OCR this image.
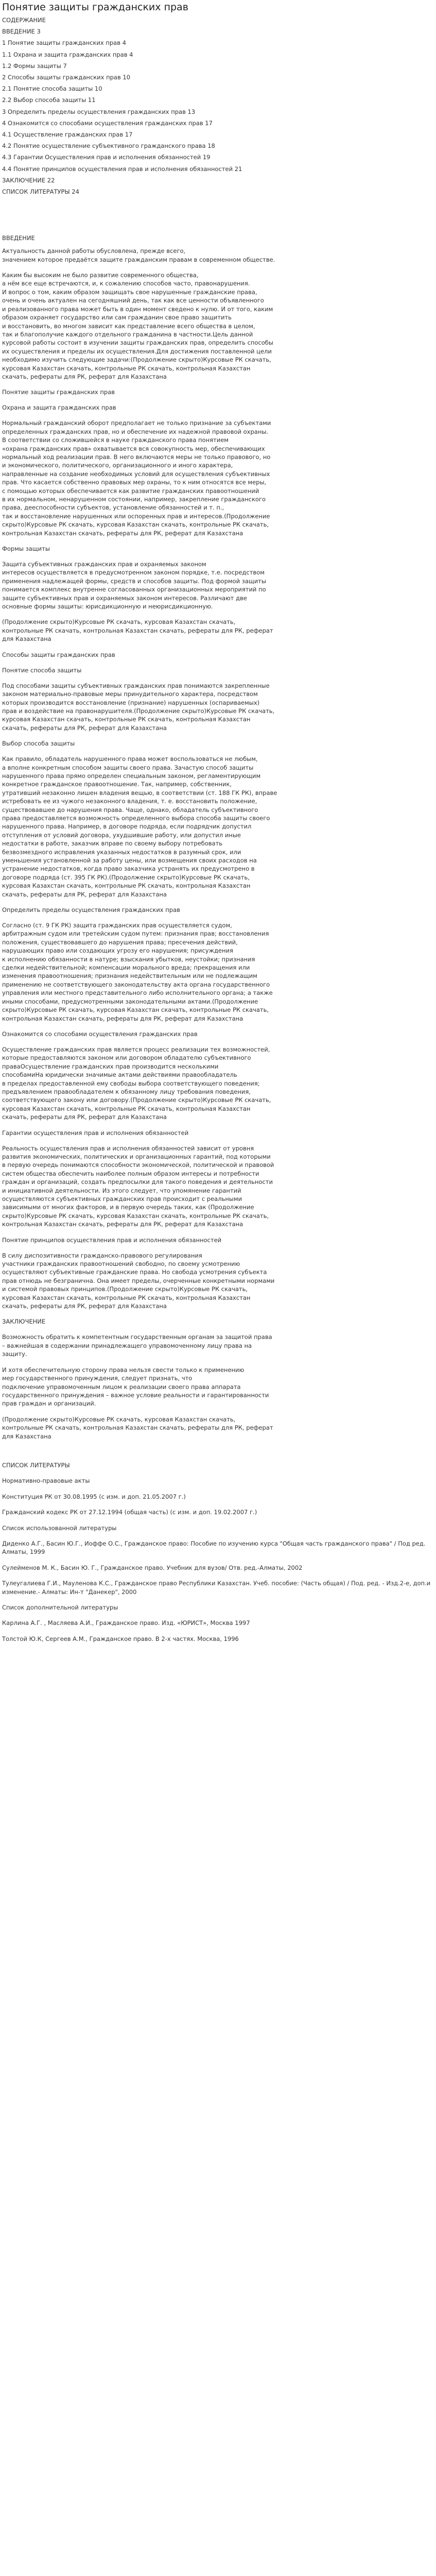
Понятие защиты гражданских прав
СОДЕРЖАНИЕ
ВВЕДЕНИЕ 3
1 Понятие защиты гражданских прав 4
1.1 Охрана и защита гражданских прав 4
1.2 Формы защиты 7
2 Способы защиты гражданских прав 10
2.1 Понятие способа защиты 10
2.2 Выбор способа защиты 11
3 Определить пределы осуществления гражданских прав 13
4 Ознакомится со способами осуществления гражданских прав 17
4.1 Осуществление гражданских прав 17
4.2 Понятие осуществление субъективного гражданского права 18
4.3 Гарантии Осуществления прав и исполнения обязанностей 19
4.4 Понятие принципов осуществления прав и исполнения обязанностей 21
ЗАКЛЮЧЕНИЕ 22
СПИСОК ЛИТЕРАТУРЫ 24
ВВЕДЕНИЕ

Актуальность данной работы обусловлена, прежде всего,
значением которое предаётся защите гражданским правам в современном обществе.

Каким бы высоким не было развитие современного общества,
а нём все еще встречаются, и, к сожалению способов часто, правонарушения.
И вопрос о том, каким образом защищать свое нарушенные гражданские права,
очень и очень актуален на сегодняшний день, так как все ценности объявленного
и реализованного права может быть в один момент сведено к нулю. И от того, каким
образом охраняет государство или сам гражданин свое право защитить
и восстановить, во многом зависит как представление всего общества в целом,
так и благополучие каждого отдельного гражданина в частности.Цель данной
курсовой работы состоит в изучении защиты гражданских прав, определить способы
их осуществления и пределы их осуществления.Для достижения поставленной цели
необходимо изучить следующие задачи:(Продолжение скрыто)Курсовые РК скачать,
курсовая Казахстан скачать, контрольные РК скачать, контрольная Казахстан
скачать, рефераты для РК, реферат для Казахстана

Понятие защиты гражданских прав

Охрана и защита гражданских прав

Нормальный гражданский оборот предполагает не только признание за субъектами
определенных гражданских прав, но и обеспечение их надежной правовой охраны.
В соответствии со сложившейся в науке гражданского права понятием
«охрана гражданских прав» охватывается вся совокупность мер, обеспечивающих
нормальный ход реализации прав. В него включаются меры не только правового, но
и экономического, политического, организационного и иного характера,
направленные на создание необходимых условий для осуществления субъективных
прав. Что касается собственно правовых мер охраны, то к ним относятся все меры,
с помощью которых обеспечивается как развитие гражданских правоотношений
в их нормальном, ненарушенном состоянии, например, закрепление гражданского
права, дееспособности субъектов, установление обязанностей и т. п.,
так и восстановление нарушенных или оспоренных прав и интересов.(Продолжение
скрыто)Курсовые РК скачать, курсовая Казахстан скачать, контрольные РК скачать,
контрольная Казахстан скачать, рефераты для РК, реферат для Казахстана

Формы защиты

Защита субъективных гражданских прав и охраняемых законом
интересов осуществляется в предусмотренном законом порядке, т.е. посредством
применения надлежащей формы, средств и способов защиты. Под формой защиты
понимается комплекс внутренне согласованных организационных мероприятий по
защите субъективных прав и охраняемых законом интересов. Различают две
основные формы защиты: юрисдикционную и неюрисдикционную.

(Продолжение скрыто)Курсовые РК скачать, курсовая Казахстан скачать,
контрольные РК скачать, контрольная Казахстан скачать, рефераты для РК, реферат
для Казахстана

Способы защиты гражданских прав

Понятие способа защиты

Под способами защиты субъективных гражданских прав понимаются закрепленные
законом материально-правовые меры принудительного характера, посредством
которых производится восстановление (признание) нарушенных (оспариваемых)
прав и воздействие на правонарушителя.(Продолжение скрыто)Курсовые РК скачать,
курсовая Казахстан скачать, контрольные РК скачать, контрольная Казахстан
скачать, рефераты для РК, реферат для Казахстана

Выбор способа защиты

Как правило, обладатель нарушенного права может воспользоваться не любым,
а вполне конкретным способом защиты своего права. Зачастую способ защиты
нарушенного права прямо определен специальным законом, регламентирующим
конкретное гражданское правоотношение. Так, например, собственник,
утративший незаконно лишен владения вещью, в соответствии (ст. 188 ГК РК), вправе
истребовать ее из чужого незаконного владения, т. е. восстановить положение,
существовавшее до нарушения права. Чаще, однако, обладатель субъективного
права предоставляется возможность определенного выбора способа защиты своего
нарушенного права. Например, в договоре подряда, если подрядчик допустил
отступления от условий договора, ухудшившие работу, или допустил иные
недостатки в работе, заказчик вправе по своему выбору потребовать
безвозмездного исправления указанных недостатков в разумный срок, или
уменьшения установленной за работу цены, или возмещения своих расходов на
устранение недостатков, когда право заказчика устранять их предусмотрено в
договоре подряда (ст. 395 ГК РК).(Продолжение скрыто)Курсовые РК скачать,
курсовая Казахстан скачать, контрольные РК скачать, контрольная Казахстан
скачать, рефераты для РК, реферат для Казахстана

Определить пределы осуществления гражданских прав

Согласно (ст. 9 ГК РК) защита гражданских прав осуществляется судом,
арбитражным судом или третейским судом путем: признания прав; восстановления
положения, существовавшего до нарушения права; пресечения действий,
нарушающих право или создающих угрозу его нарушения; присуждения
к исполнению обязанности в натуре; взыскания убытков, неустойки; признания
сделки недействительной; компенсации морального вреда; прекращения или
изменения правоотношения; признания недействительным или не подлежащим
применению не соответствующего законодательству акта органа государственного
управления или местного представительного либо исполнительного органа; а также
иными способами, предусмотренными законодательными актами.(Продолжение
скрыто)Курсовые РК скачать, курсовая Казахстан скачать, контрольные РК скачать,
контрольная Казахстан скачать, рефераты для РК, реферат для Казахстана

Ознакомится со способами осуществления гражданских прав

Осуществление гражданских прав является процесс реализации тех возможностей,
которые предоставляются законом или договором обладателю субъективного
праваОсуществление гражданских прав производится несколькими
способамиНа юридически значимые актами действиями правообладатель
в пределах предоставленной ему свободы выбора соответствующего поведения;
предъявлением правообладателем к обязанному лицу требования поведения,
соответствующего закону или договору.(Продолжение скрыто)Курсовые РК скачать,
курсовая Казахстан скачать, контрольные РК скачать, контрольная Казахстан
скачать, рефераты для РК, реферат для Казахстана

Гарантии осуществления прав и исполнения обязанностей

Реальность осуществления прав и исполнения обязанностей зависит от уровня
развития экономических, политических и организационных гарантий, под которыми
в первую очередь понимаются способности экономической, политической и правовой
систем общества обеспечить наиболее полным образом интересы и потребности
граждан и организаций, создать предпосылки для такого поведения и деятельности
и инициативной деятельности. Из этого следует, что упомянение гарантий
осуществляются субъективных гражданских прав происходит с реальными
зависимыми от многих факторов, и в первую очередь таких, как (Продолжение
скрыто)Курсовые РК скачать, курсовая Казахстан скачать, контрольные РК скачать,
контрольная Казахстан скачать, рефераты для РК, реферат для Казахстана

Понятие принципов осуществления прав и исполнения обязанностей

В силу диспозитивности гражданско-правового регулирования
участники гражданских правоотношений свободно, по своему усмотрению
осуществляют субъективные гражданские права. Но свобода усмотрения субъекта
прав отнюдь не безгранична. Она имеет пределы, очерченные конкретными нормами
и системой правовых принципов.(Продолжение скрыто)Курсовые РК скачать,
курсовая Казахстан скачать, контрольные РК скачать, контрольная Казахстан
скачать, рефераты для РК, реферат для Казахстана

ЗАКЛЮЧЕНИЕ

Возможность обратить к компетентным государственным органам за защитой права
– важнейшая в содержании принадлежащего управомоченному лицу права на
защиту.

И хотя обеспечительную сторону права нельзя свести только к применению
мер государственного принуждения, следует признать, что
подключение управомоченным лицом к реализации своего права аппарата
государственного принуждения – важное условие реальности и гарантированности
прав граждан и организаций.

(Продолжение скрыто)Курсовые РК скачать, курсовая Казахстан скачать,
контрольные РК скачать, контрольная Казахстан скачать, рефераты для РК, реферат
для Казахстана

СПИСОК ЛИТЕРАТУРЫ
Нормативно-правовые акты
Конституция РК от 30.08.1995 (с изм. и доп. 21.05.2007 г.)
Гражданский кодекс РК от 27.12.1994 (общая часть) (с изм. и доп. 19.02.2007 г.)
Список использованной литературы
Диденко А.Г., Басин Ю.Г., Иоффе О.С., Гражданское право: Пособие по изучению курса "Общая часть гражданского права" / Под ред. Алматы, 1999
Сулейменов М. К., Басин Ю. Г., Гражданское право. Учебник для вузов/ Отв. ред.-Алматы, 2002
Тулеугалиева Г.И., Мауленова К.С., Гражданское право Республики Казахстан. Учеб. пособие: (Часть общая) / Под. ред. - Изд.2-е, доп.и изменение.- Алматы: Ин-т "Данекер", 2000
Список дополнительной литературы
Карлина А.Г. , Масляева А.И., Гражданское право. Изд. «ЮРИСТ», Москва 1997
Толстой Ю.К, Сергеев А.М., Гражданское право. В 2-х частях. Москва, 1996
